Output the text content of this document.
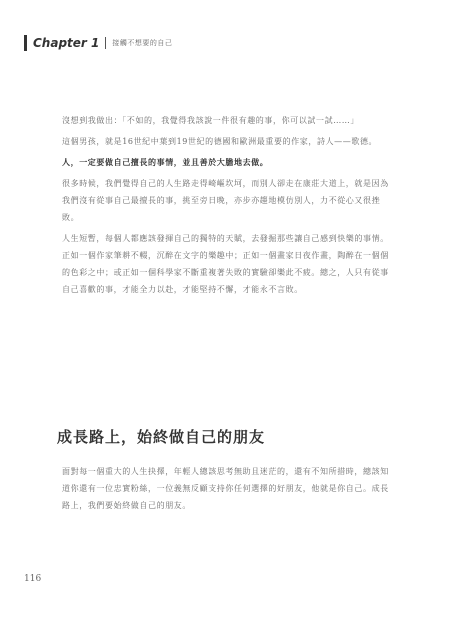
Chapter 1 接觸不想要的自己

沒想到我做出：「不如的，我覺得我該說一件很有趣的事，你可以試一試……」

這個男孩，就是16世紀中葉到19世紀的德國和歐洲最重要的作家，詩人——歌德。

人，一定要做自己擅長的事情，並且善於大膽地去做。

很多時候，我們覺得自己的人生路走得崎嶇坎坷，而別人卻走在康莊大道上，就是因為我們沒有從事自己最擅長的事，挑至旁日晚，亦步亦趨地模仿別人，力不從心又很挫敗。

人生短暫，每個人都應該發揮自己的獨特的天賦，去發掘那些讓自己感到快樂的事情。正如一個作家筆耕不輟，沉醉在文字的樂趣中；正如一個畫家日夜作畫，陶醉在一個個的色彩之中；或正如一個科學家不斷重複著失敗的實驗卻樂此不疲。總之，人只有從事自己喜歡的事，才能全力以赴，才能堅持不懈，才能永不言敗。

成長路上，始終做自己的朋友

面對每一個重大的人生抉擇，年輕人總該思考無助且迷茫的，還有不知所措時，總該知道你還有一位忠實粉絲，一位義無反顧支持你任何選擇的好朋友，他就是你自己。成長路上，我們要始終做自己的朋友。

116
